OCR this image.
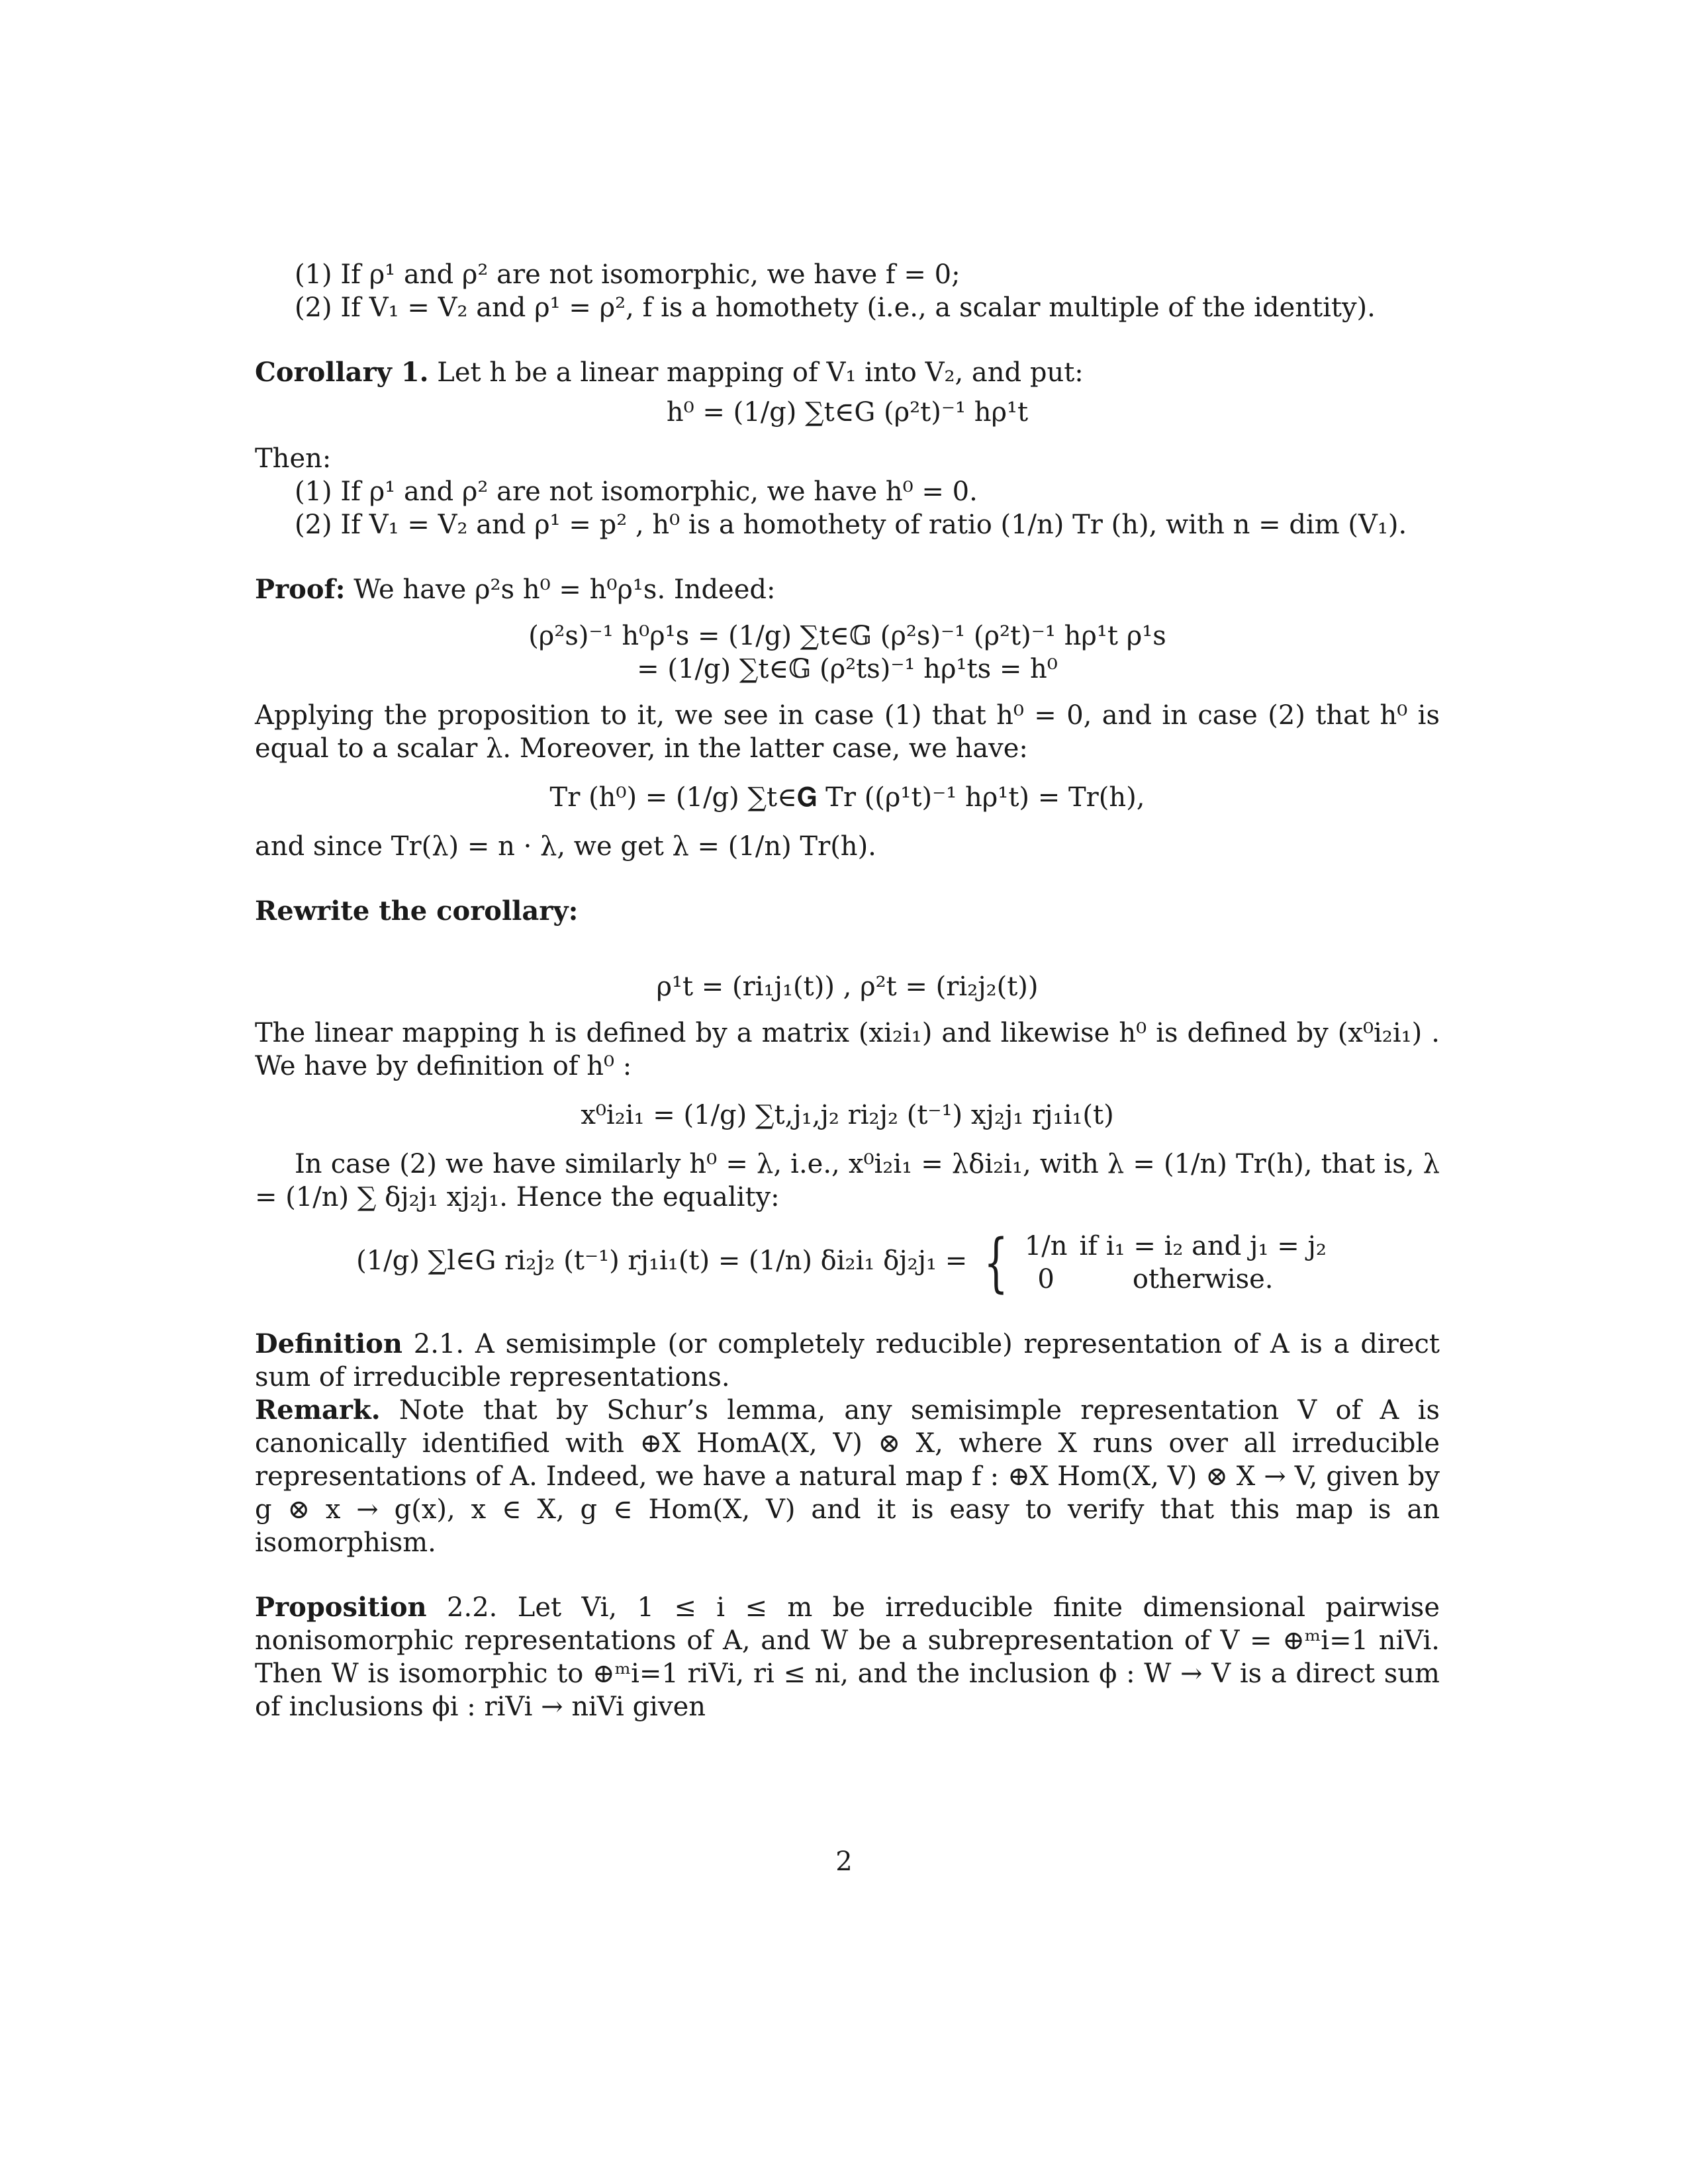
(1) If ρ¹ and ρ² are not isomorphic, we have f = 0;
(2) If V₁ = V₂ and ρ¹ = ρ², f is a homothety (i.e., a scalar multiple of the identity).
Corollary 1. Let h be a linear mapping of V₁ into V₂, and put:
h⁰ = (1/g) ∑t∈G (ρ²t)⁻¹ hρ¹t
Then:
(1) If ρ¹ and ρ² are not isomorphic, we have h⁰ = 0.
(2) If V₁ = V₂ and ρ¹ = p² , h⁰ is a homothety of ratio (1/n) Tr (h), with n = dim (V₁).
Proof: We have ρ²s h⁰ = h⁰ρ¹s. Indeed:
(ρ²s)⁻¹ h⁰ρ¹s = (1/g) ∑t∈𝔾 (ρ²s)⁻¹ (ρ²t)⁻¹ hρ¹t ρ¹s
= (1/g) ∑t∈𝔾 (ρ²ts)⁻¹ hρ¹ts = h⁰
Applying the proposition to it, we see in case (1) that h⁰ = 0, and in case (2) that h⁰ is equal to a scalar λ. Moreover, in the latter case, we have:
Tr (h⁰) = (1/g) ∑t∈𝐆 Tr ((ρ¹t)⁻¹ hρ¹t) = Tr(h),
and since Tr(λ) = n · λ, we get λ = (1/n) Tr(h).
Rewrite the corollary:
ρ¹t = (ri₁j₁(t)) , ρ²t = (ri₂j₂(t))
The linear mapping h is defined by a matrix (xi₂i₁) and likewise h⁰ is defined by (x⁰i₂i₁) . We have by definition of h⁰ :
x⁰i₂i₁ = (1/g) ∑t,j₁,j₂ ri₂j₂ (t⁻¹) xj₂j₁ rj₁i₁(t)
In case (2) we have similarly h⁰ = λ, i.e., x⁰i₂i₁ = λδi₂i₁, with λ = (1/n) Tr(h), that is, λ = (1/n) ∑ δj₂j₁ xj₂j₁. Hence the equality:
(1/g) ∑l∈G ri₂j₂ (t⁻¹) rj₁i₁(t) = (1/n) δi₂i₁ δj₂j₁ = { 1/n	if i₁ = i₂ and j₁ = j₂
0	otherwise.
Definition 2.1. A semisimple (or completely reducible) representation of A is a direct sum of irreducible representations.
Remark. Note that by Schur’s lemma, any semisimple representation V of A is canonically identified with ⊕X HomA(X, V) ⊗ X, where X runs over all irreducible representations of A. Indeed, we have a natural map f : ⊕X Hom(X, V) ⊗ X → V, given by g ⊗ x → g(x), x ∈ X, g ∈ Hom(X, V) and it is easy to verify that this map is an isomorphism.
Proposition 2.2. Let Vi, 1 ≤ i ≤ m be irreducible finite dimensional pairwise nonisomorphic representations of A, and W be a subrepresentation of V = ⊕ᵐi=1 niVi. Then W is isomorphic to ⊕ᵐi=1 riVi, ri ≤ ni, and the inclusion ϕ : W → V is a direct sum of inclusions ϕi : riVi → niVi given
2
